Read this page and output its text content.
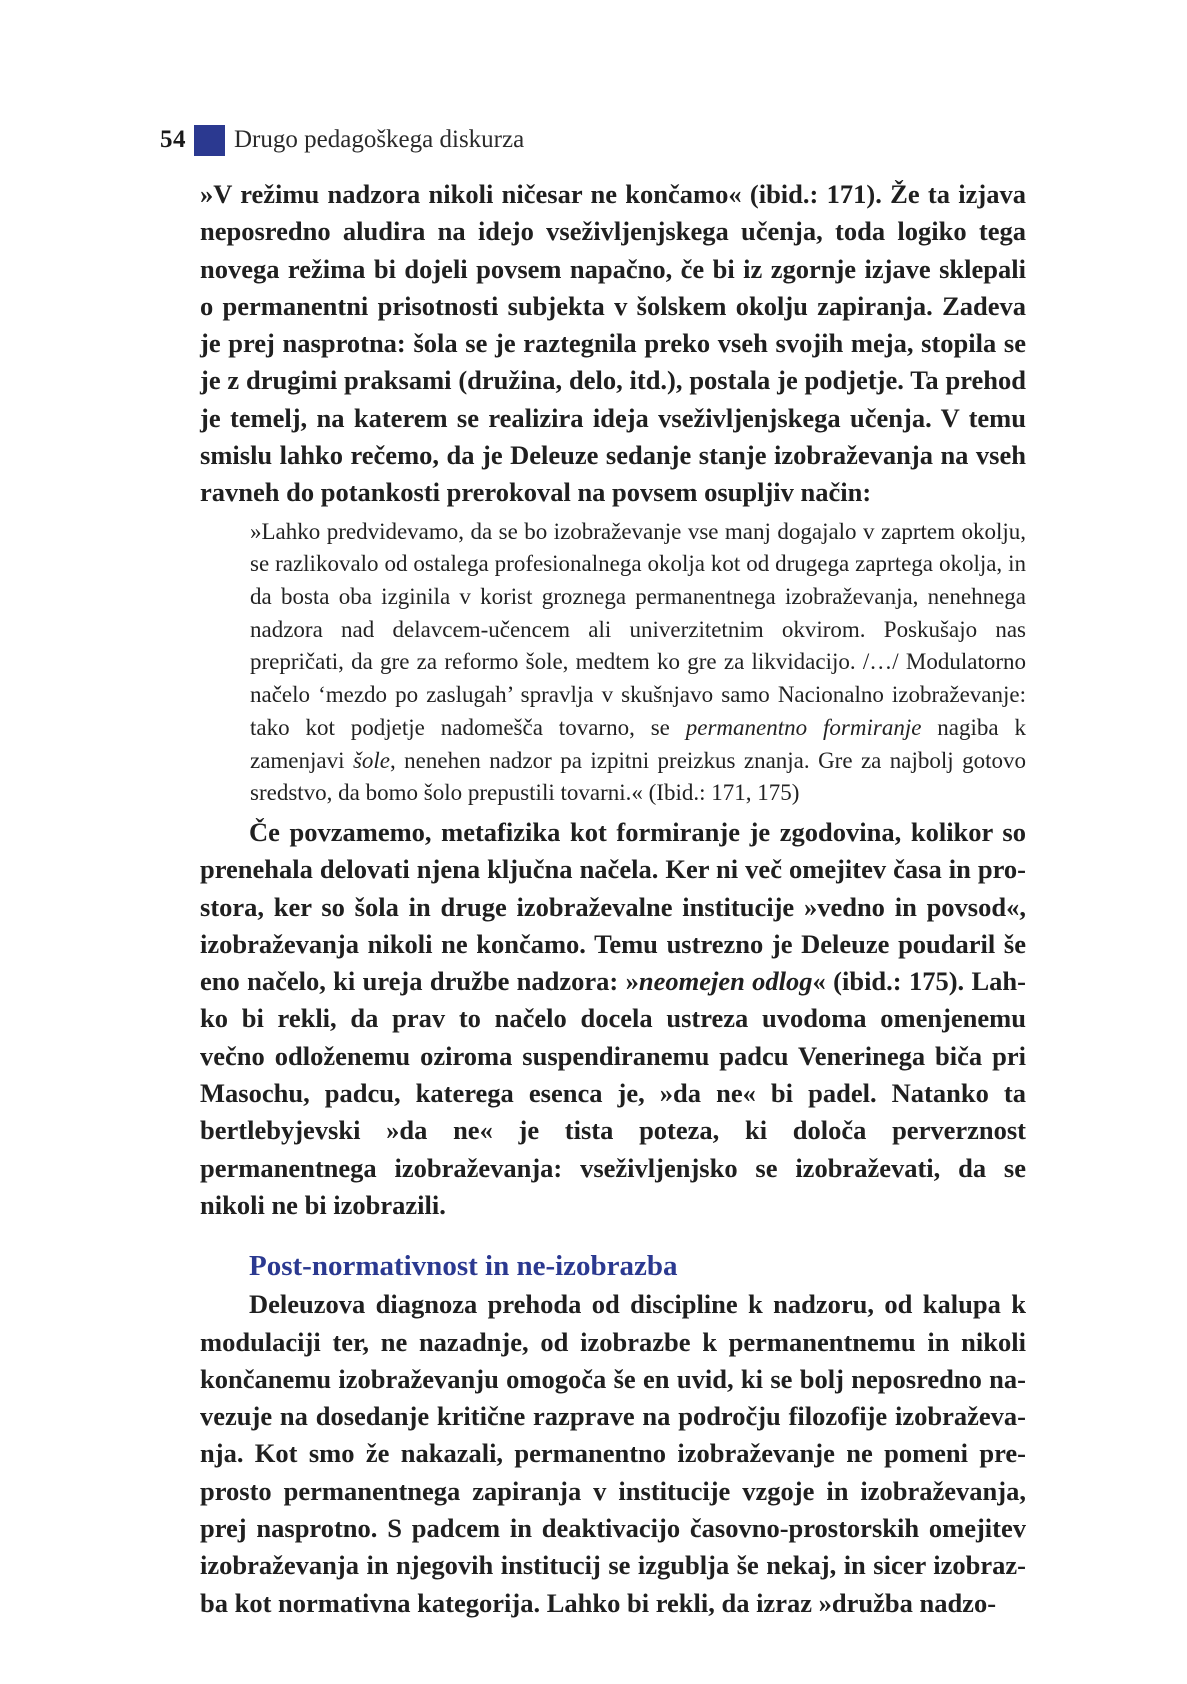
54 Drugo pedagoškega diskurza

»V režimu nadzora nikoli ničesar ne končamo« (ibid.: 171). Že ta izjava neposredno aludira na idejo vseživljenjskega učenja, toda logiko tega novega režima bi dojeli povsem napačno, če bi iz zgornje izjave sklepali o permanentni prisotnosti subjekta v šolskem okolju zapiranja. Zadeva je prej nasprotna: šola se je raztegnila preko vseh svojih meja, stopila se je z drugimi praksami (družina, delo, itd.), postala je podjetje. Ta prehod je temelj, na katerem se realizira ideja vseživljenjskega učenja. V temu smislu lahko rečemo, da je Deleuze sedanje stanje izobraževanja na vseh ravneh do potankosti prerokoval na povsem osupljiv način:

»Lahko predvidevamo, da se bo izobraževanje vse manj dogajalo v zaprtem okolju, se razlikovalo od ostalega profesionalnega okolja kot od drugega zaprtega okolja, in da bosta oba izginila v korist groznega permanentnega izobraževanja, nenehnega nadzora nad delavcem-učencem ali univerzitetnim okvirom. Poskušajo nas prepričati, da gre za reformo šole, medtem ko gre za likvidacijo. /…/ Modulatorno načelo ‘mezdo po zaslugah’ spravlja v skušnjavo samo Nacionalno izobraževanje: tako kot podjetje nadomešča tovarno, se permanentno formiranje nagiba k zamenjavi šole, nenehen nadzor pa izpitni preizkus znanja. Gre za najbolj gotovo sredstvo, da bomo šolo prepustili tovarni.« (Ibid.: 171, 175)

Če povzamemo, metafizika kot formiranje je zgodovina, kolikor so prenehala delovati njena ključna načela. Ker ni več omejitev časa in prostora, ker so šola in druge izobraževalne institucije »vedno in povsod«, izobraževanja nikoli ne končamo. Temu ustrezno je Deleuze poudaril še eno načelo, ki ureja družbe nadzora: »neomejen odlog« (ibid.: 175). Lahko bi rekli, da prav to načelo docela ustreza uvodoma omenjenemu večno odloženemu oziroma suspendiranemu padcu Venerinega biča pri Masochu, padcu, katerega esenca je, »da ne« bi padel. Natanko ta bertlebyjevski »da ne« je tista poteza, ki določa perverznost permanentnega izobraževanja: vseživljenjsko se izobraževati, da se nikoli ne bi izobrazili.

Post-normativnost in ne-izobrazba

Deleuzova diagnoza prehoda od discipline k nadzoru, od kalupa k modulaciji ter, ne nazadnje, od izobrazbe k permanentnemu in nikoli končanemu izobraževanju omogoča še en uvid, ki se bolj neposredno navezuje na dosedanje kritične razprave na področju filozofije izobraževanja. Kot smo že nakazali, permanentno izobraževanje ne pomeni preprosto permanentnega zapiranja v institucije vzgoje in izobraževanja, prej nasprotno. S padcem in deaktivacijo časovno-prostorskih omejitev izobraževanja in njegovih institucij se izgublja še nekaj, in sicer izobrazba kot normativna kategorija. Lahko bi rekli, da izraz »družba nadzo-
